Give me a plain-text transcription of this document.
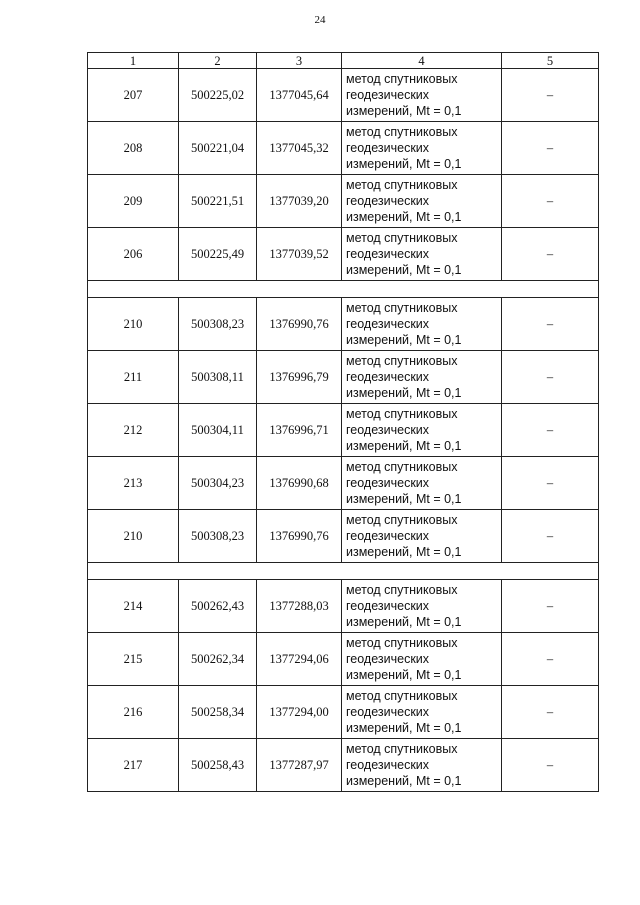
24
1	2	3	4	5
207	500225,02	1377045,64	метод спутниковых
геодезических
измерений, Mt = 0,1	–
208	500221,04	1377045,32	метод спутниковых
геодезических
измерений, Mt = 0,1	–
209	500221,51	1377039,20	метод спутниковых
геодезических
измерений, Mt = 0,1	–
206	500225,49	1377039,52	метод спутниковых
геодезических
измерений, Mt = 0,1	–

210	500308,23	1376990,76	метод спутниковых
геодезических
измерений, Mt = 0,1	–
211	500308,11	1376996,79	метод спутниковых
геодезических
измерений, Mt = 0,1	–
212	500304,11	1376996,71	метод спутниковых
геодезических
измерений, Mt = 0,1	–
213	500304,23	1376990,68	метод спутниковых
геодезических
измерений, Mt = 0,1	–
210	500308,23	1376990,76	метод спутниковых
геодезических
измерений, Mt = 0,1	–

214	500262,43	1377288,03	метод спутниковых
геодезических
измерений, Mt = 0,1	–
215	500262,34	1377294,06	метод спутниковых
геодезических
измерений, Mt = 0,1	–
216	500258,34	1377294,00	метод спутниковых
геодезических
измерений, Mt = 0,1	–
217	500258,43	1377287,97	метод спутниковых
геодезических
измерений, Mt = 0,1	–
